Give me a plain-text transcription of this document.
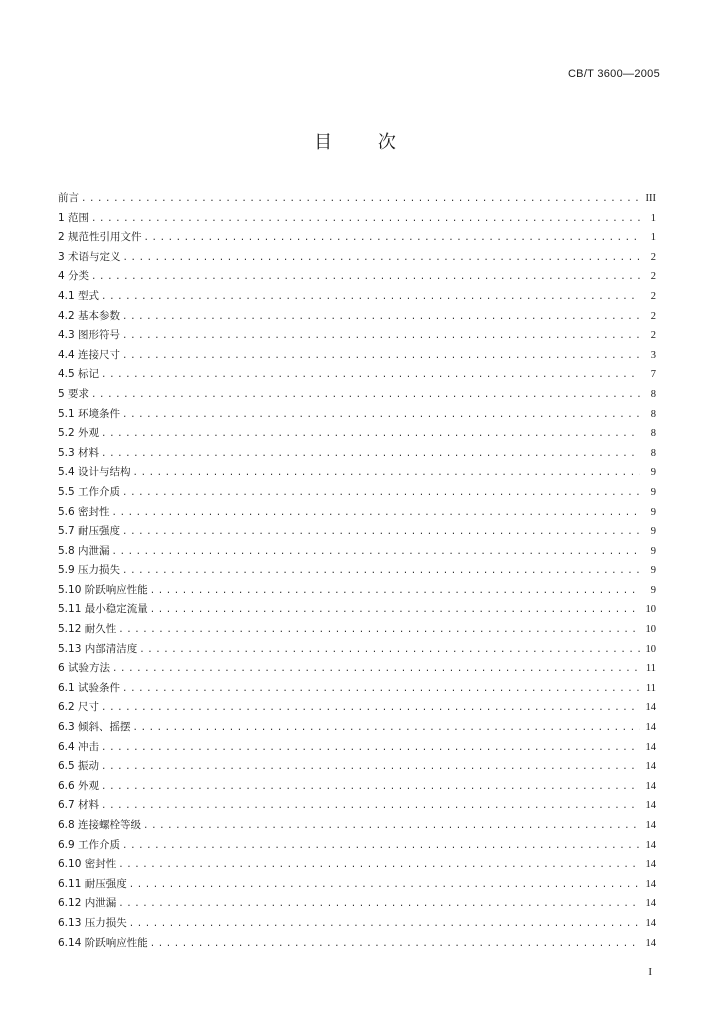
CB/T 3600—2005
目 次
前言 .....	III
1 范围 .....	1
2 规范性引用文件 .....	1
3 术语与定义 .....	2
4 分类 .....	2
4.1 型式 .....	2
4.2 基本参数 .....	2
4.3 图形符号 .....	2
4.4 连接尺寸 .....	3
4.5 标记 .....	7
5 要求 .....	8
5.1 环境条件 .....	8
5.2 外观 .....	8
5.3 材料 .....	8
5.4 设计与结构 .....	9
5.5 工作介质 .....	9
5.6 密封性 .....	9
5.7 耐压强度 .....	9
5.8 内泄漏 .....	9
5.9 压力损失 .....	9
5.10 阶跃响应性能 .....	9
5.11 最小稳定流量 .....	10
5.12 耐久性 .....	10
5.13 内部清洁度 .....	10
6 试验方法 .....	11
6.1 试验条件 .....	11
6.2 尺寸 .....	14
6.3 倾斜、摇摆 .....	14
6.4 冲击 .....	14
6.5 振动 .....	14
6.6 外观 .....	14
6.7 材料 .....	14
6.8 连接螺栓等级 .....	14
6.9 工作介质 .....	14
6.10 密封性 .....	14
6.11 耐压强度 .....	14
6.12 内泄漏 .....	14
6.13 压力损失 .....	14
6.14 阶跃响应性能 .....	14
I
